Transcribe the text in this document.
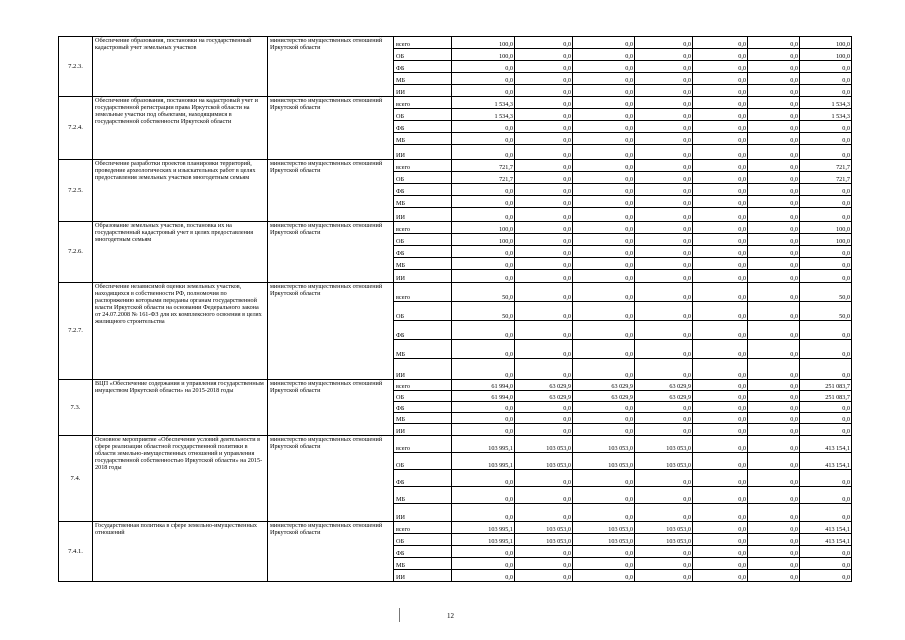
7.2.3.	Обеспечение образования, постановки на государственный кадастровый учет земельных участков	министерство имущественных отношений Иркутской области	всего	100,0	0,0	0,0	0,0	0,0	0,0	100,0
			ОБ	100,0	0,0	0,0	0,0	0,0	0,0	100,0
			ФБ	0,0	0,0	0,0	0,0	0,0	0,0	0,0
			МБ	0,0	0,0	0,0	0,0	0,0	0,0	0,0
			ИИ	0,0	0,0	0,0	0,0	0,0	0,0	0,0
7.2.4.	Обеспечение образования, постановки на кадастровый учет и государственной регистрации права Иркутской области на земельные участки под объектами, находящимися в государственной собственности Иркутской области	министерство имущественных отношений Иркутской области	всего	1 534,3	0,0	0,0	0,0	0,0	0,0	1 534,3
			ОБ	1 534,3	0,0	0,0	0,0	0,0	0,0	1 534,3
			ФБ	0,0	0,0	0,0	0,0	0,0	0,0	0,0
			МБ	0,0	0,0	0,0	0,0	0,0	0,0	0,0
			ИИ	0,0	0,0	0,0	0,0	0,0	0,0	0,0
7.2.5.	Обеспечение разработки проектов планировки территорий, проведение археологических и изыскательных работ в целях предоставления земельных участков многодетным семьям	министерство имущественных отношений Иркутской области	всего	721,7	0,0	0,0	0,0	0,0	0,0	721,7
			ОБ	721,7	0,0	0,0	0,0	0,0	0,0	721,7
			ФБ	0,0	0,0	0,0	0,0	0,0	0,0	0,0
			МБ	0,0	0,0	0,0	0,0	0,0	0,0	0,0
			ИИ	0,0	0,0	0,0	0,0	0,0	0,0	0,0
7.2.6.	Образование земельных участков, постановка их на государственный кадастровый учет в целях предоставления многодетным семьям	министерство имущественных отношений Иркутской области	всего	100,0	0,0	0,0	0,0	0,0	0,0	100,0
			ОБ	100,0	0,0	0,0	0,0	0,0	0,0	100,0
			ФБ	0,0	0,0	0,0	0,0	0,0	0,0	0,0
			МБ	0,0	0,0	0,0	0,0	0,0	0,0	0,0
			ИИ	0,0	0,0	0,0	0,0	0,0	0,0	0,0
7.2.7.	Обеспечение независимой оценки земельных участков, находящихся в собственности РФ, полномочия по распоряжению которыми переданы органам государственной власти Иркутской области на основании Федерального закона от 24.07.2008 № 161-ФЗ для их комплексного освоения в целях жилищного строительства	министерство имущественных отношений Иркутской области	всего	50,0	0,0	0,0	0,0	0,0	0,0	50,0
			ОБ	50,0	0,0	0,0	0,0	0,0	0,0	50,0
			ФБ	0,0	0,0	0,0	0,0	0,0	0,0	0,0
			МБ	0,0	0,0	0,0	0,0	0,0	0,0	0,0
			ИИ	0,0	0,0	0,0	0,0	0,0	0,0	0,0
7.3.	ВЦП «Обеспечение содержания и управления государственным имуществом Иркутской области» на 2015-2018 годы	министерство имущественных отношений Иркутской области	всего	61 994,0	63 029,9	63 029,9	63 029,9	0,0	0,0	251 083,7
			ОБ	61 994,0	63 029,9	63 029,9	63 029,9	0,0	0,0	251 083,7
			ФБ	0,0	0,0	0,0	0,0	0,0	0,0	0,0
			МБ	0,0	0,0	0,0	0,0	0,0	0,0	0,0
			ИИ	0,0	0,0	0,0	0,0	0,0	0,0	0,0
7.4.	Основное мероприятие «Обеспечение условий деятельности в сфере реализации областной государственной политики в области земельно-имущественных отношений и управления государственной собственностью Иркутской области» на 2015-2018 годы	министерство имущественных отношений Иркутской области	всего	103 995,1	103 053,0	103 053,0	103 053,0	0,0	0,0	413 154,1
			ОБ	103 995,1	103 053,0	103 053,0	103 053,0	0,0	0,0	413 154,1
			ФБ	0,0	0,0	0,0	0,0	0,0	0,0	0,0
			МБ	0,0	0,0	0,0	0,0	0,0	0,0	0,0
			ИИ	0,0	0,0	0,0	0,0	0,0	0,0	0,0
7.4.1.	Государственная политика в сфере земельно-имущественных отношений	министерство имущественных отношений Иркутской области	всего	103 995,1	103 053,0	103 053,0	103 053,0	0,0	0,0	413 154,1
			ОБ	103 995,1	103 053,0	103 053,0	103 053,0	0,0	0,0	413 154,1
			ФБ	0,0	0,0	0,0	0,0	0,0	0,0	0,0
			МБ	0,0	0,0	0,0	0,0	0,0	0,0	0,0
			ИИ	0,0	0,0	0,0	0,0	0,0	0,0	0,0
12
